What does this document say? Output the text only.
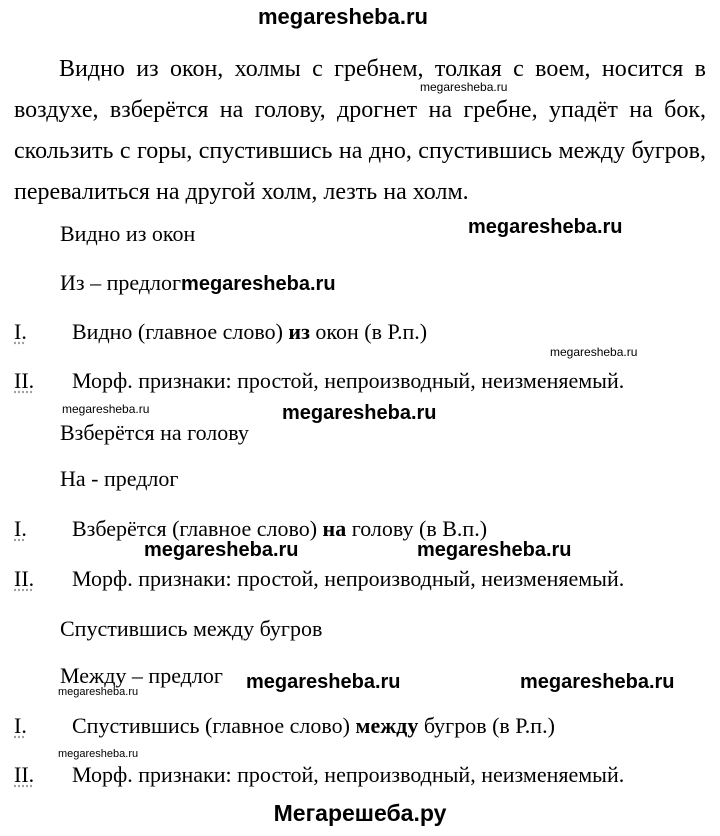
megaresheba.ru

Видно из окон, холмы с гребнем, толкая с воем, носится в воздухе, взберётся на голову, дрогнет на гребне, упадёт на бок, скользить с горы, спустившись на дно, спустившись между бугров, перевалиться на другой холм, лезть на холм.

megaresheba.ru
Видно из окон	megaresheba.ru
Из – предлогmegaresheba.ru
I. Видно (главное слово) из окон (в Р.п.)
megaresheba.ru
II. Морф. признаки: простой, непроизводный, неизменяемый.
megaresheba.ru	megaresheba.ru
Взберётся на голову
На - предлог
I. Взберётся (главное слово) на голову (в В.п.)
megaresheba.ru	megaresheba.ru
II. Морф. признаки: простой, непроизводный, неизменяемый.
Спустившись между бугров
Между – предлог megaresheba.ru	megaresheba.ru
megaresheba.ru
I. Спустившись (главное слово) между бугров (в Р.п.)
megaresheba.ru
II. Морф. признаки: простой, непроизводный, неизменяемый.
Мегарешеба.ру
